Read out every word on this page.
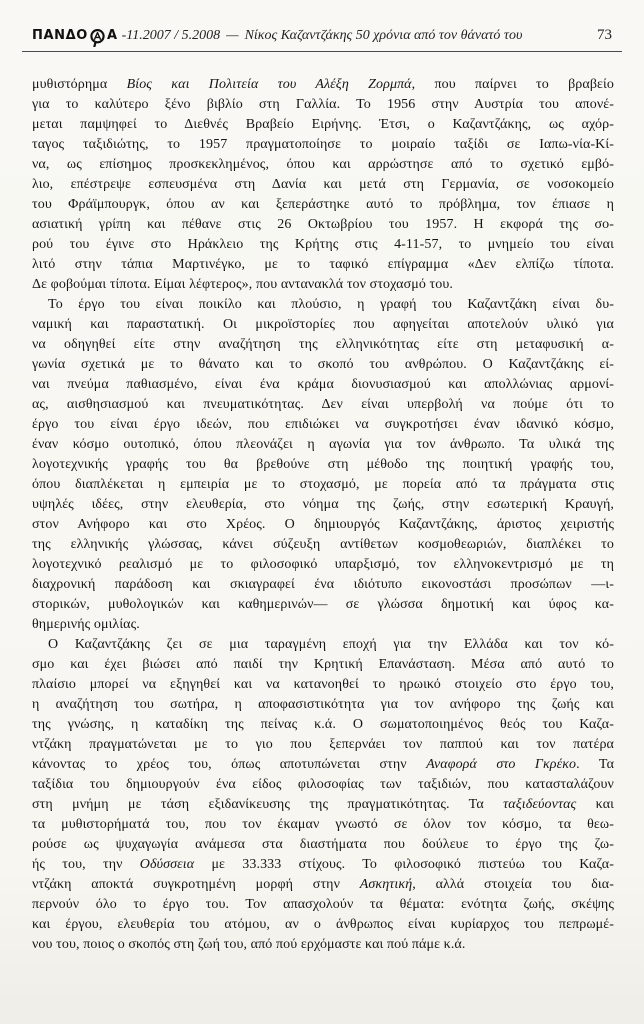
ΠΑΝΔΟ Α -11.2007 / 5.2008 — Νίκος Καζαντζάκης 50 χρόνια από τον θάνατό του	73
μυθιστόρημα Βίος και Πολιτεία του Αλέξη Ζορμπά, που παίρνει το βραβείο
για το καλύτερο ξένο βιβλίο στη Γαλλία. Το 1956 στην Αυστρία του απονέ-
μεται παμψηφεί το Διεθνές Βραβείο Ειρήνης. Έτσι, ο Καζαντζάκης, ως αχόρ-
ταγος ταξιδιώτης, το 1957 πραγματοποίησε το μοιραίο ταξίδι σε Ιαπω-νία-Κί-
να, ως επίσημος προσκεκλημένος, όπου και αρρώστησε από το σχετικό εμβό-
λιο, επέστρεψε εσπευσμένα στη Δανία και μετά στη Γερμανία, σε νοσοκομείο
του Φράϊμπουργκ, όπου αν και ξεπεράστηκε αυτό το πρόβλημα, τον έπιασε η
ασιατική γρίπη και πέθανε στις 26 Οκτωβρίου του 1957. Η εκφορά της σο-
ρού του έγινε στο Ηράκλειο της Κρήτης στις 4-11-57, το μνημείο του είναι
λιτό στην τάπια Μαρτινέγκο, με το ταφικό επίγραμμα «Δεν ελπίζω τίποτα.
Δε φοβούμαι τίποτα. Είμαι λέφτερος», που αντανακλά τον στοχασμό του.
Το έργο του είναι ποικίλο και πλούσιο, η γραφή του Καζαντζάκη είναι δυ-
ναμική και παραστατική. Οι μικροϊστορίες που αφηγείται αποτελούν υλικό για
να οδηγηθεί είτε στην αναζήτηση της ελληνικότητας είτε στη μεταφυσική α-
γωνία σχετικά με το θάνατο και το σκοπό του ανθρώπου. Ο Καζαντζάκης εί-
ναι πνεύμα παθιασμένο, είναι ένα κράμα διονυσιασμού και απολλώνιας αρμονί-
ας, αισθησιασμού και πνευματικότητας. Δεν είναι υπερβολή να πούμε ότι το
έργο του είναι έργο ιδεών, που επιδιώκει να συγκροτήσει έναν ιδανικό κόσμο,
έναν κόσμο ουτοπικό, όπου πλεονάζει η αγωνία για τον άνθρωπο. Τα υλικά της
λογοτεχνικής γραφής του θα βρεθούνε στη μέθοδο της ποιητική γραφής του,
όπου διαπλέκεται η εμπειρία με το στοχασμό, με πορεία από τα πράγματα στις
υψηλές ιδέες, στην ελευθερία, στο νόημα της ζωής, στην εσωτερική Κραυγή,
στον Ανήφορο και στο Χρέος. Ο δημιουργός Καζαντζάκης, άριστος χειριστής
της ελληνικής γλώσσας, κάνει σύζευξη αντίθετων κοσμοθεωριών, διαπλέκει το
λογοτεχνικό ρεαλισμό με το φιλοσοφικό υπαρξισμό, τον ελληνοκεντρισμό με τη
διαχρονική παράδοση και σκιαγραφεί ένα ιδιότυπο εικονοστάσι προσώπων —ι-
στορικών, μυθολογικών και καθημερινών— σε γλώσσα δημοτική και ύφος κα-
θημερινής ομιλίας.
Ο Καζαντζάκης ζει σε μια ταραγμένη εποχή για την Ελλάδα και τον κό-
σμο και έχει βιώσει από παιδί την Κρητική Επανάσταση. Μέσα από αυτό το
πλαίσιο μπορεί να εξηγηθεί και να κατανοηθεί το ηρωικό στοιχείο στο έργο του,
η αναζήτηση του σωτήρα, η αποφασιστικότητα για τον ανήφορο της ζωής και
της γνώσης, η καταδίκη της πείνας κ.ά. Ο σωματοποιημένος θεός του Καζα-
ντζάκη πραγματώνεται με το γιο που ξεπερνάει τον παππού και τον πατέρα
κάνοντας το χρέος του, όπως αποτυπώνεται στην Αναφορά στο Γκρέκο. Τα
ταξίδια του δημιουργούν ένα είδος φιλοσοφίας των ταξιδιών, που κατασταλάζουν
στη μνήμη με τάση εξιδανίκευσης της πραγματικότητας. Τα ταξιδεύοντας και
τα μυθιστορήματά του, που τον έκαμαν γνωστό σε όλον τον κόσμο, τα θεω-
ρούσε ως ψυχαγωγία ανάμεσα στα διαστήματα που δούλευε το έργο της ζω-
ής του, την Οδύσσεια με 33.333 στίχους. Το φιλοσοφικό πιστεύω του Καζα-
ντζάκη αποκτά συγκροτημένη μορφή στην Ασκητική, αλλά στοιχεία του δια-
περνούν όλο το έργο του. Τον απασχολούν τα θέματα: ενότητα ζωής, σκέψης
και έργου, ελευθερία του ατόμου, αν ο άνθρωπος είναι κυρίαρχος του πεπρωμέ-
νου του, ποιος ο σκοπός στη ζωή του, από πού ερχόμαστε και πού πάμε κ.ά.
